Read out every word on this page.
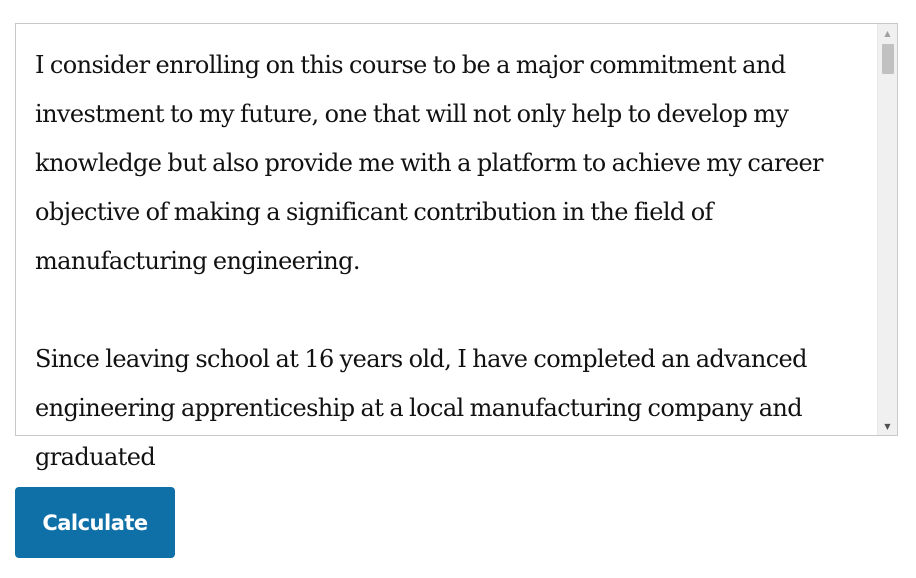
I consider enrolling on this course to be a major commitment and investment to my future, one that will not only help to develop my knowledge but also provide me with a platform to achieve my career objective of making a significant contribution in the field of manufacturing engineering.

Since leaving school at 16 years old, I have completed an advanced engineering apprenticeship at a local manufacturing company and graduated

▲
▼
Calculate
